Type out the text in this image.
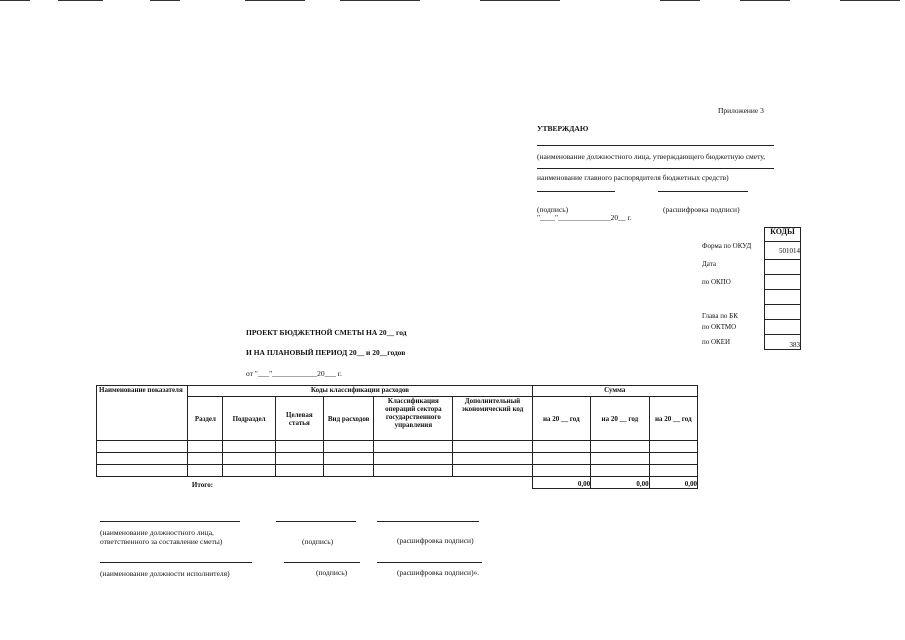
Приложение 3
УТВЕРЖДАЮ
(наименование должностного лица, утверждающего бюджетную смету,
наименование главного распорядителя бюджетных средств)
(подпись)	(расшифровка подписи)
"____"______________20__ г.
	КОДЫ
Форма по ОКУД	501014
Дата	
по ОКПО	

Глава по БК	
по ОКТМО	
по ОКЕИ	383
ПРОЕКТ БЮДЖЕТНОЙ СМЕТЫ НА 20__ год
И НА ПЛАНОВЫЙ ПЕРИОД 20__ и 20__годов
от "___"____________20___ г.
Наименование показателя	Коды классификации расходов						Сумма		
	Раздел	Подраздел	Целевая статья	Вид расходов	Классификация операций сектора государственного управления	Дополнительный экономический код	на 20 __ год	на 20 __ год	на 20 __ год

	Итого:						0,00	0,00	0,00
(наименование должностного лица,
ответственного за составление сметы)	(подпись)	(расшифровка подписи)
(наименование должности исполнителя)	(подпись)	(расшифровка подписи)».
